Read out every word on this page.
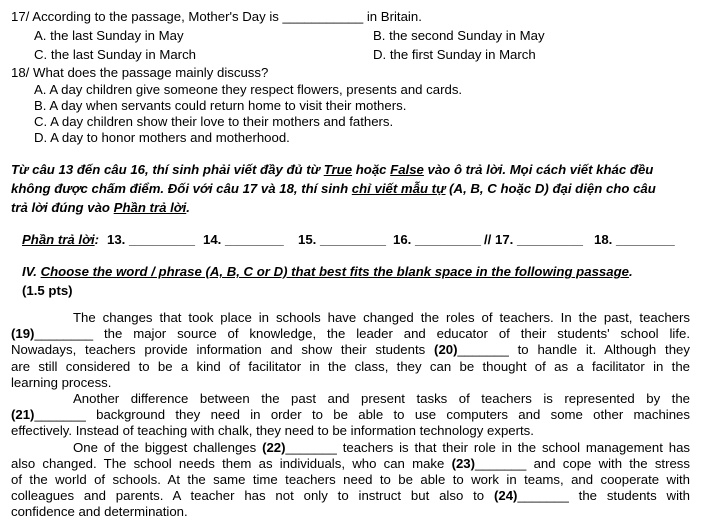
17/ According to the passage, Mother's Day is ___________ in Britain.
A. the last Sunday in May	B. the second Sunday in May
C. the last Sunday in March	D. the first Sunday in March
18/ What does the passage mainly discuss?
A. A day children give someone they respect flowers, presents and cards.
B. A day when servants could return home to visit their mothers.
C. A day children show their love to their mothers and fathers.
D. A day to honor mothers and motherhood.
Từ câu 13 đến câu 16, thí sinh phải viết đầy đủ từ True hoặc False vào ô trả lời. Mọi cách viết khác đều
không được chấm điểm. Đối với câu 17 và 18, thí sinh chỉ viết mẫu tự (A, B, C hoặc D) đại diện cho câu
trả lời đúng vào Phần trả lời.
Phần trả lời: 13. _________ 14. ________ 15. _________ 16. _________ // 17. _________ 18. ________
IV. Choose the word / phrase (A, B, C or D) that best fits the blank space in the following passage.
(1.5 pts)
The changes that took place in schools have changed the roles of teachers. In the past, teachers
(19)________ the major source of knowledge, the leader and educator of their students' school life.
Nowadays, teachers provide information and show their students (20)_______ to handle it. Although they
are still considered to be a kind of facilitator in the class, they can be thought of as a facilitator in the
learning process.
Another difference between the past and present tasks of teachers is represented by the
(21)_______ background they need in order to be able to use computers and some other machines
effectively. Instead of teaching with chalk, they need to be information technology experts.
One of the biggest challenges (22)_______ teachers is that their role in the school management has
also changed. The school needs them as individuals, who can make (23)_______ and cope with the stress
of the world of schools. At the same time teachers need to be able to work in teams, and cooperate with
colleagues and parents. A teacher has not only to instruct but also to (24)_______ the students with
confidence and determination.
